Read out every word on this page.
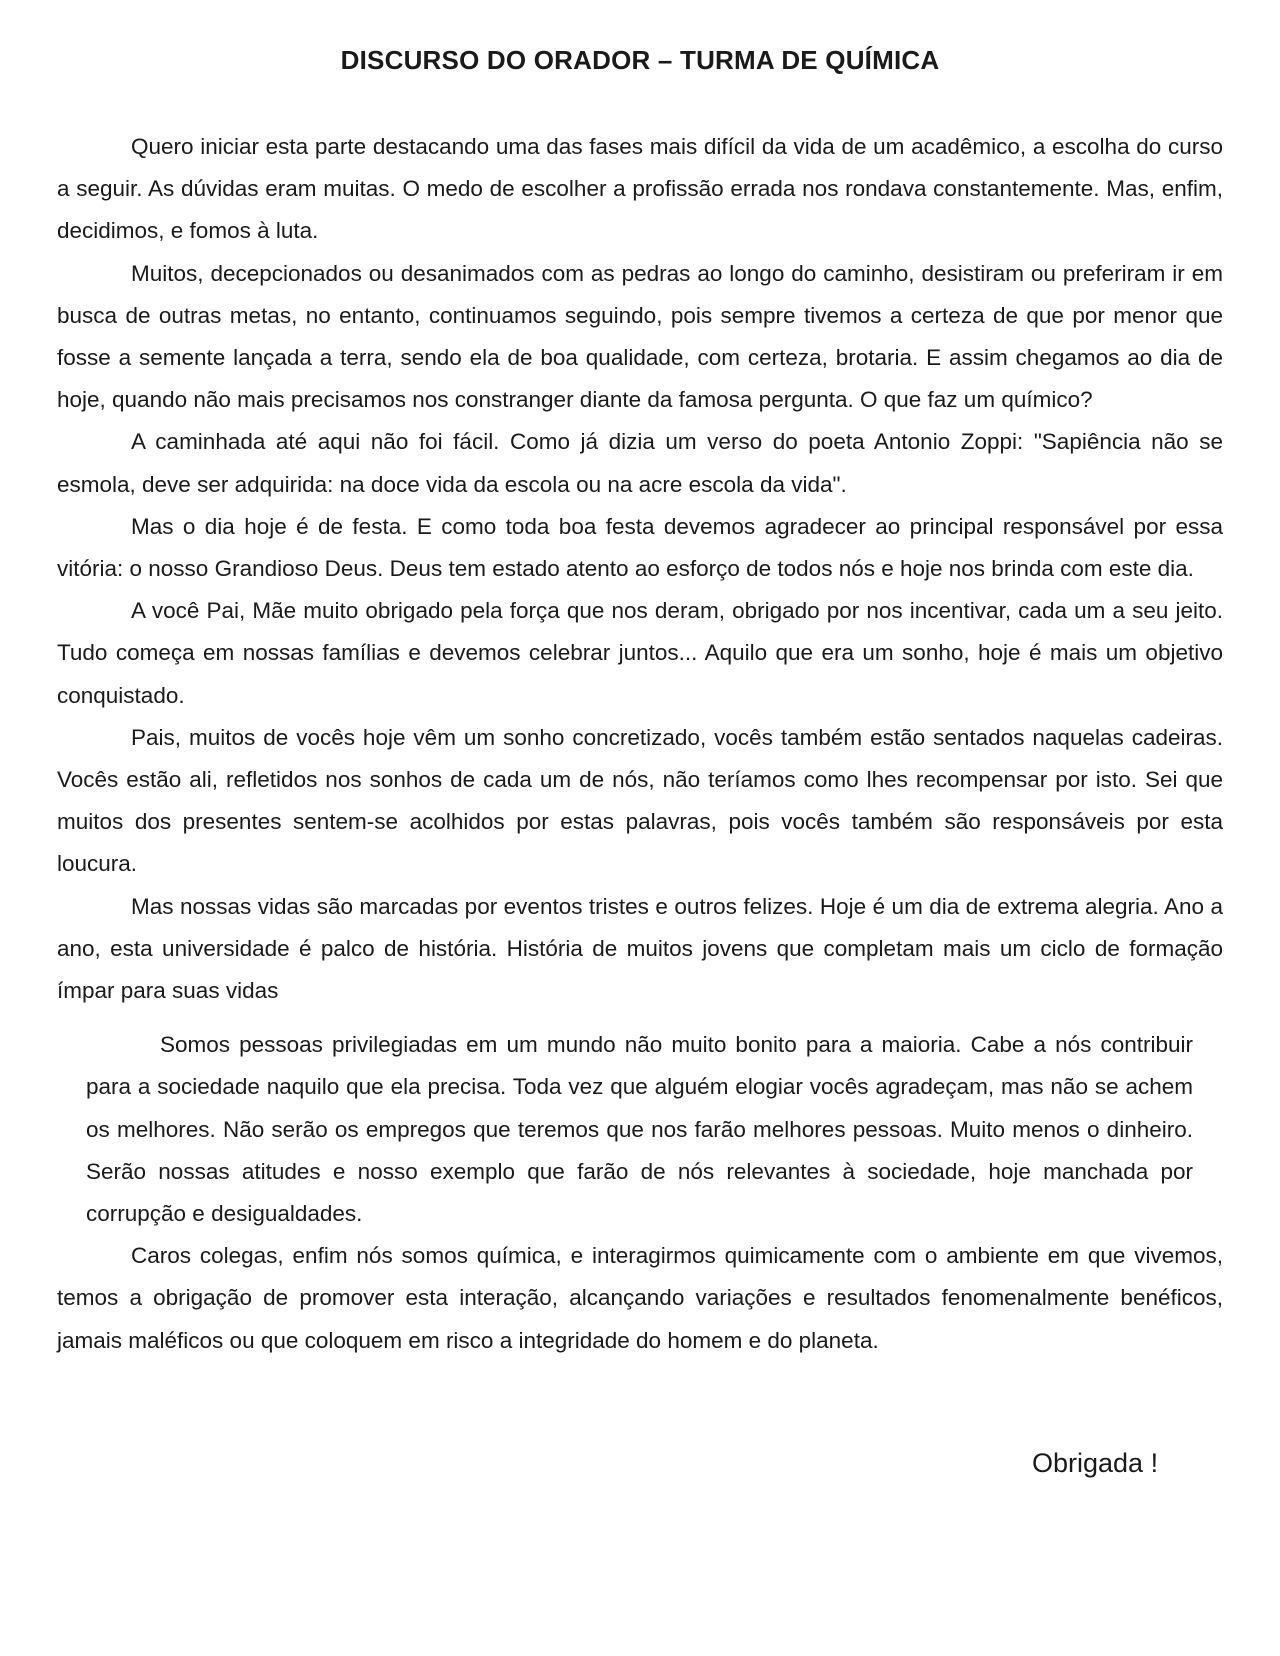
DISCURSO DO ORADOR – TURMA DE QUÍMICA

Quero iniciar esta parte destacando uma das fases mais difícil da vida de um acadêmico, a escolha do curso a seguir. As dúvidas eram muitas. O medo de escolher a profissão errada nos rondava constantemente. Mas, enfim, decidimos, e fomos à luta.

Muitos, decepcionados ou desanimados com as pedras ao longo do caminho, desistiram ou preferiram ir em busca de outras metas, no entanto, continuamos seguindo, pois sempre tivemos a certeza de que por menor que fosse a semente lançada a terra, sendo ela de boa qualidade, com certeza, brotaria. E assim chegamos ao dia de hoje, quando não mais precisamos nos constranger diante da famosa pergunta. O que faz um químico?

A caminhada até aqui não foi fácil. Como já dizia um verso do poeta Antonio Zoppi: "Sapiência não se esmola, deve ser adquirida: na doce vida da escola ou na acre escola da vida".

Mas o dia hoje é de festa. E como toda boa festa devemos agradecer ao principal responsável por essa vitória: o nosso Grandioso Deus. Deus tem estado atento ao esforço de todos nós e hoje nos brinda com este dia.

A você Pai, Mãe muito obrigado pela força que nos deram, obrigado por nos incentivar, cada um a seu jeito. Tudo começa em nossas famílias e devemos celebrar juntos... Aquilo que era um sonho, hoje é mais um objetivo conquistado.

Pais, muitos de vocês hoje vêm um sonho concretizado, vocês também estão sentados naquelas cadeiras. Vocês estão ali, refletidos nos sonhos de cada um de nós, não teríamos como lhes recompensar por isto. Sei que muitos dos presentes sentem-se acolhidos por estas palavras, pois vocês também são responsáveis por esta loucura.

Mas nossas vidas são marcadas por eventos tristes e outros felizes. Hoje é um dia de extrema alegria. Ano a ano, esta universidade é palco de história. História de muitos jovens que completam mais um ciclo de formação ímpar para suas vidas

Somos pessoas privilegiadas em um mundo não muito bonito para a maioria. Cabe a nós contribuir para a sociedade naquilo que ela precisa. Toda vez que alguém elogiar vocês agradeçam, mas não se achem os melhores. Não serão os empregos que teremos que nos farão melhores pessoas. Muito menos o dinheiro. Serão nossas atitudes e nosso exemplo que farão de nós relevantes à sociedade, hoje manchada por corrupção e desigualdades.

Caros colegas, enfim nós somos química, e interagirmos quimicamente com o ambiente em que vivemos, temos a obrigação de promover esta interação, alcançando variações e resultados fenomenalmente benéficos, jamais maléficos ou que coloquem em risco a integridade do homem e do planeta.

Obrigada !
